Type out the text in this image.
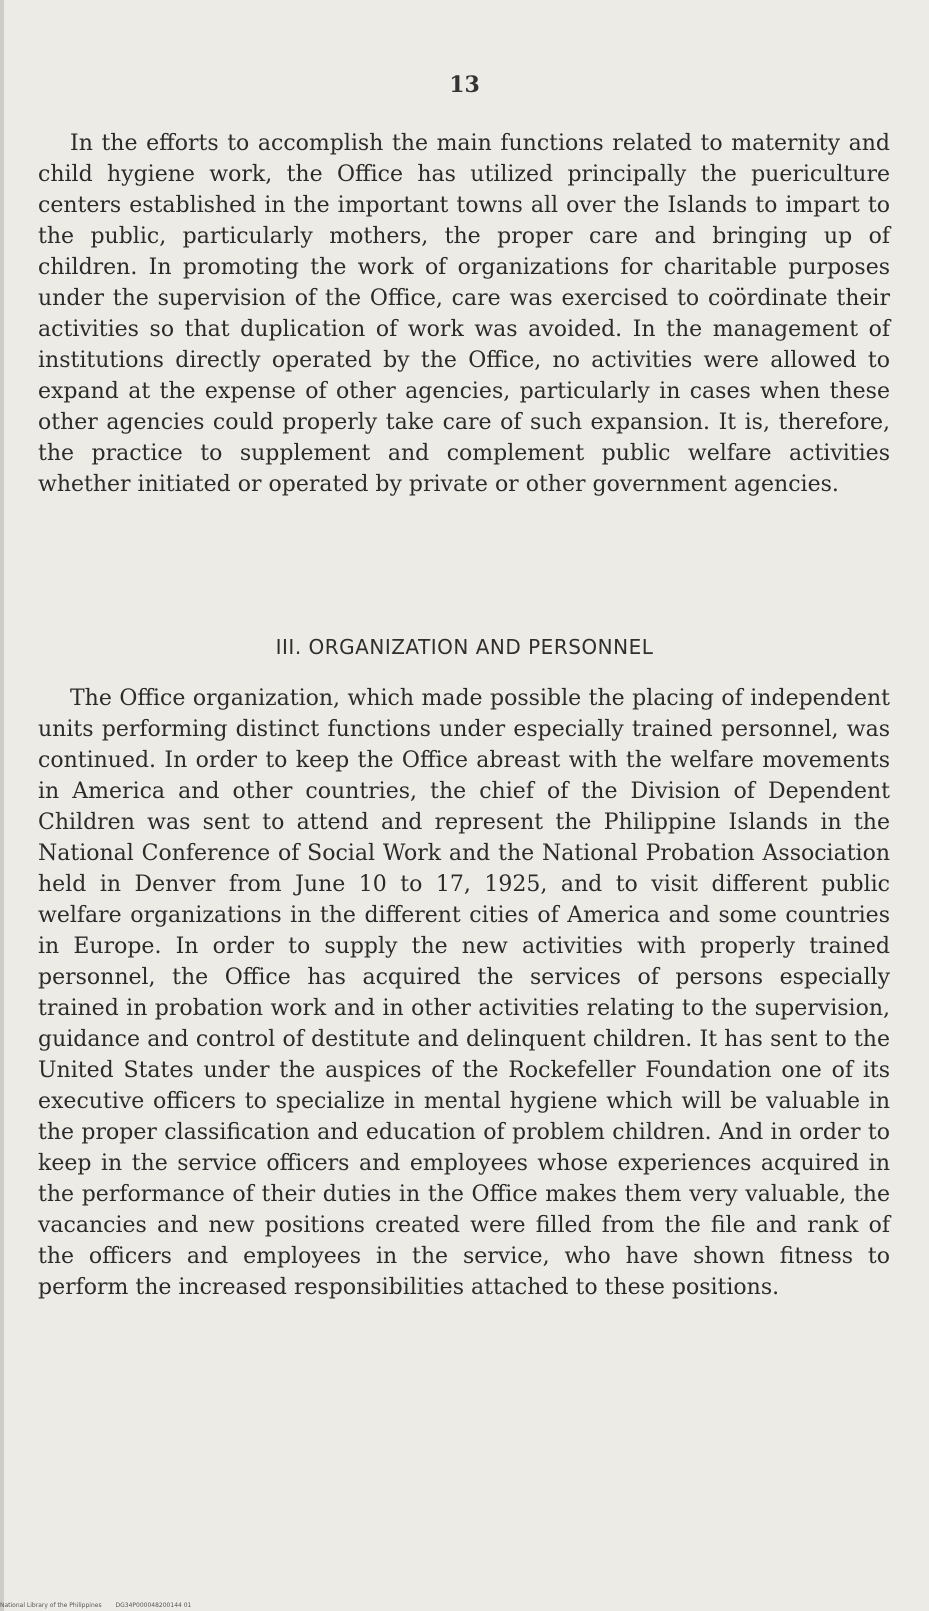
13

In the efforts to accomplish the main functions related to maternity and child hygiene work, the Office has utilized principally the puericulture centers established in the important towns all over the Islands to impart to the public, particularly mothers, the proper care and bringing up of children. In promoting the work of organizations for charitable purposes under the supervision of the Office, care was exercised to coördinate their activities so that duplication of work was avoided. In the management of institutions directly operated by the Office, no activities were allowed to expand at the expense of other agencies, particularly in cases when these other agencies could properly take care of such expansion. It is, therefore, the practice to supplement and complement public welfare activities whether initiated or operated by private or other government agencies.

III. ORGANIZATION AND PERSONNEL

The Office organization, which made possible the placing of independent units performing distinct functions under especially trained personnel, was continued. In order to keep the Office abreast with the welfare movements in America and other countries, the chief of the Division of Dependent Children was sent to attend and represent the Philippine Islands in the National Conference of Social Work and the National Probation Association held in Denver from June 10 to 17, 1925, and to visit different public welfare organizations in the different cities of America and some countries in Europe. In order to supply the new activities with properly trained personnel, the Office has acquired the services of persons especially trained in probation work and in other activities relating to the supervision, guidance and control of destitute and delinquent children. It has sent to the United States under the auspices of the Rockefeller Foundation one of its executive officers to specialize in mental hygiene which will be valuable in the proper classification and education of problem children. And in order to keep in the service officers and employees whose experiences acquired in the performance of their duties in the Office makes them very valuable, the vacancies and new positions created were filled from the file and rank of the officers and employees in the service, who have shown fitness to perform the increased responsibilities attached to these positions.

National Library of the Philippines DG34P000048200144 01
